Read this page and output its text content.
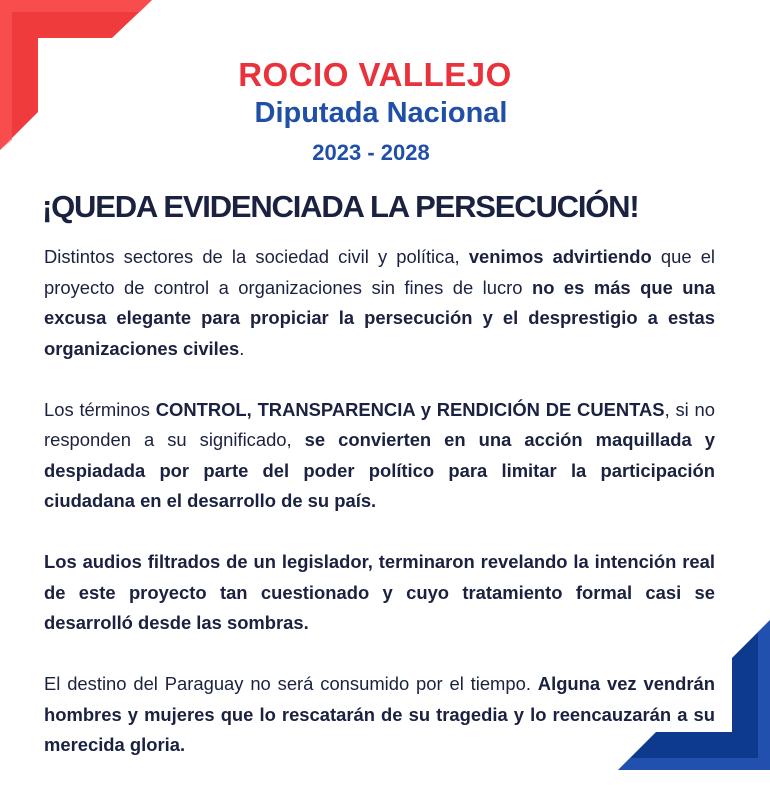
ROCIO VALLEJO
Diputada Nacional
2023 - 2028
¡QUEDA EVIDENCIADA LA PERSECUCIÓN!

Distintos sectores de la sociedad civil y política, venimos advirtiendo que el proyecto de control a organizaciones sin fines de lucro no es más que una excusa elegante para propiciar la persecución y el desprestigio a estas organizaciones civiles.

Los términos CONTROL, TRANSPARENCIA y RENDICIÓN DE CUENTAS, si no responden a su significado, se convierten en una acción maquillada y despiadada por parte del poder político para limitar la participación ciudadana en el desarrollo de su país.

Los audios filtrados de un legislador, terminaron revelando la intención real de este proyecto tan cuestionado y cuyo tratamiento formal casi se desarrolló desde las sombras.

El destino del Paraguay no será consumido por el tiempo. Alguna vez vendrán hombres y mujeres que lo rescatarán de su tragedia y lo reencauzarán a su merecida gloria.
